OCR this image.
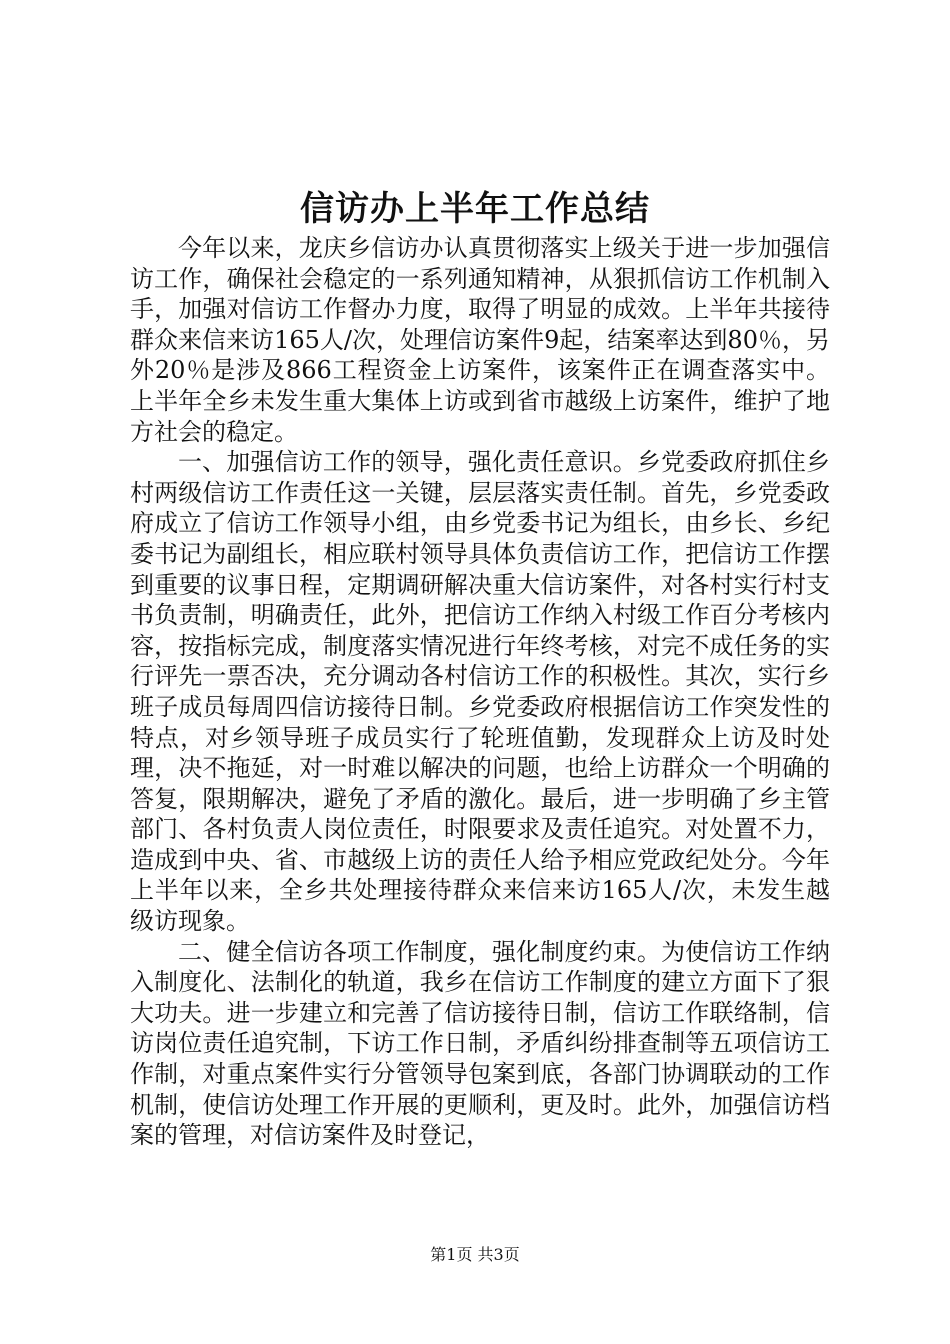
信访办上半年工作总结

今年以来，龙庆乡信访办认真贯彻落实上级关于进一步加强信访工作，确保社会稳定的一系列通知精神，从狠抓信访工作机制入手，加强对信访工作督办力度，取得了明显的成效。上半年共接待群众来信来访165人/次，处理信访案件9起，结案率达到80％，另外20％是涉及866工程资金上访案件，该案件正在调查落实中。上半年全乡未发生重大集体上访或到省市越级上访案件，维护了地方社会的稳定。

一、加强信访工作的领导，强化责任意识。乡党委政府抓住乡村两级信访工作责任这一关键，层层落实责任制。首先，乡党委政府成立了信访工作领导小组，由乡党委书记为组长，由乡长、乡纪委书记为副组长，相应联村领导具体负责信访工作，把信访工作摆到重要的议事日程，定期调研解决重大信访案件，对各村实行村支书负责制，明确责任，此外，把信访工作纳入村级工作百分考核内容，按指标完成，制度落实情况进行年终考核，对完不成任务的实行评先一票否决，充分调动各村信访工作的积极性。其次，实行乡班子成员每周四信访接待日制。乡党委政府根据信访工作突发性的特点，对乡领导班子成员实行了轮班值勤，发现群众上访及时处理，决不拖延，对一时难以解决的问题，也给上访群众一个明确的答复，限期解决，避免了矛盾的激化。最后，进一步明确了乡主管部门、各村负责人岗位责任，时限要求及责任追究。对处置不力，造成到中央、省、市越级上访的责任人给予相应党政纪处分。今年上半年以来，全乡共处理接待群众来信来访165人/次，未发生越级访现象。

二、健全信访各项工作制度，强化制度约束。为使信访工作纳入制度化、法制化的轨道，我乡在信访工作制度的建立方面下了狠大功夫。进一步建立和完善了信访接待日制，信访工作联络制，信访岗位责任追究制，下访工作日制，矛盾纠纷排查制等五项信访工作制，对重点案件实行分管领导包案到底，各部门协调联动的工作机制，使信访处理工作开展的更顺利，更及时。此外，加强信访档案的管理，对信访案件及时登记，

第1页 共3页
